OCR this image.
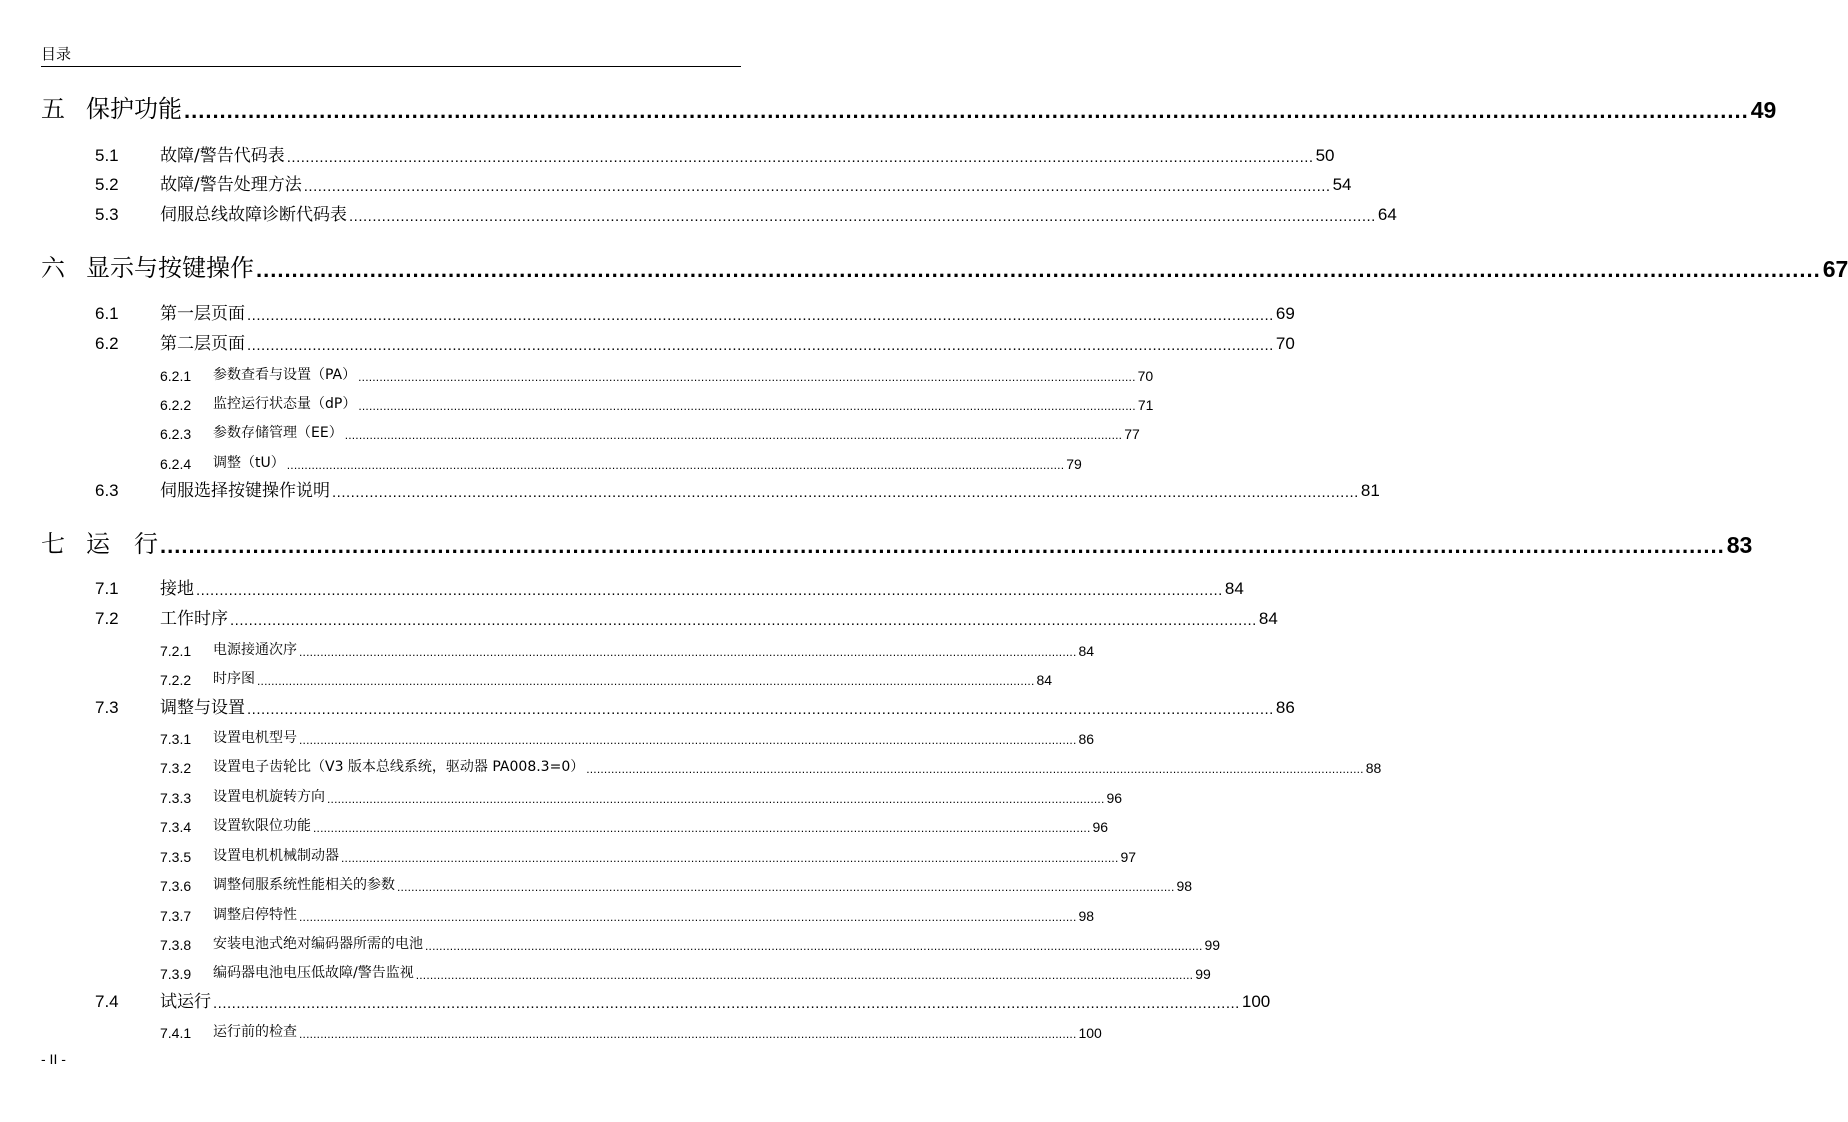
目录
五 保护功能 ............................................................................................................................................................................................................................ 49
5.1 故障/警告代码表 ............................................................................................................................................................................................................................ 50
5.2 故障/警告处理方法 ............................................................................................................................................................................................................................ 54
5.3 伺服总线故障诊断代码表 ............................................................................................................................................................................................................................ 64
六 显示与按键操作 ............................................................................................................................................................................................................................ 67
6.1 第一层页面 ............................................................................................................................................................................................................................ 69
6.2 第二层页面 ............................................................................................................................................................................................................................ 70
6.2.1 参数查看与设置（PA） ............................................................................................................................................................................................................................ 70
6.2.2 监控运行状态量（dP） ............................................................................................................................................................................................................................ 71
6.2.3 参数存储管理（EE） ............................................................................................................................................................................................................................ 77
6.2.4 调整（tU） ............................................................................................................................................................................................................................ 79
6.3 伺服选择按键操作说明 ............................................................................................................................................................................................................................ 81
七 运　行 ............................................................................................................................................................................................................................ 83
7.1 接地 ............................................................................................................................................................................................................................ 84
7.2 工作时序 ............................................................................................................................................................................................................................ 84
7.2.1 电源接通次序 ............................................................................................................................................................................................................................ 84
7.2.2 时序图 ............................................................................................................................................................................................................................ 84
7.3 调整与设置 ............................................................................................................................................................................................................................ 86
7.3.1 设置电机型号 ............................................................................................................................................................................................................................ 86
7.3.2 设置电子齿轮比（V3 版本总线系统，驱动器 PA008.3=0） ............................................................................................................................................................................................................................ 88
7.3.3 设置电机旋转方向 ............................................................................................................................................................................................................................ 96
7.3.4 设置软限位功能 ............................................................................................................................................................................................................................ 96
7.3.5 设置电机机械制动器 ............................................................................................................................................................................................................................ 97
7.3.6 调整伺服系统性能相关的参数 ............................................................................................................................................................................................................................ 98
7.3.7 调整启停特性 ............................................................................................................................................................................................................................ 98
7.3.8 安装电池式绝对编码器所需的电池 ............................................................................................................................................................................................................................ 99
7.3.9 编码器电池电压低故障/警告监视 ............................................................................................................................................................................................................................ 99
7.4 试运行 ............................................................................................................................................................................................................................ 100
7.4.1 运行前的检查 ............................................................................................................................................................................................................................ 100
- II -
